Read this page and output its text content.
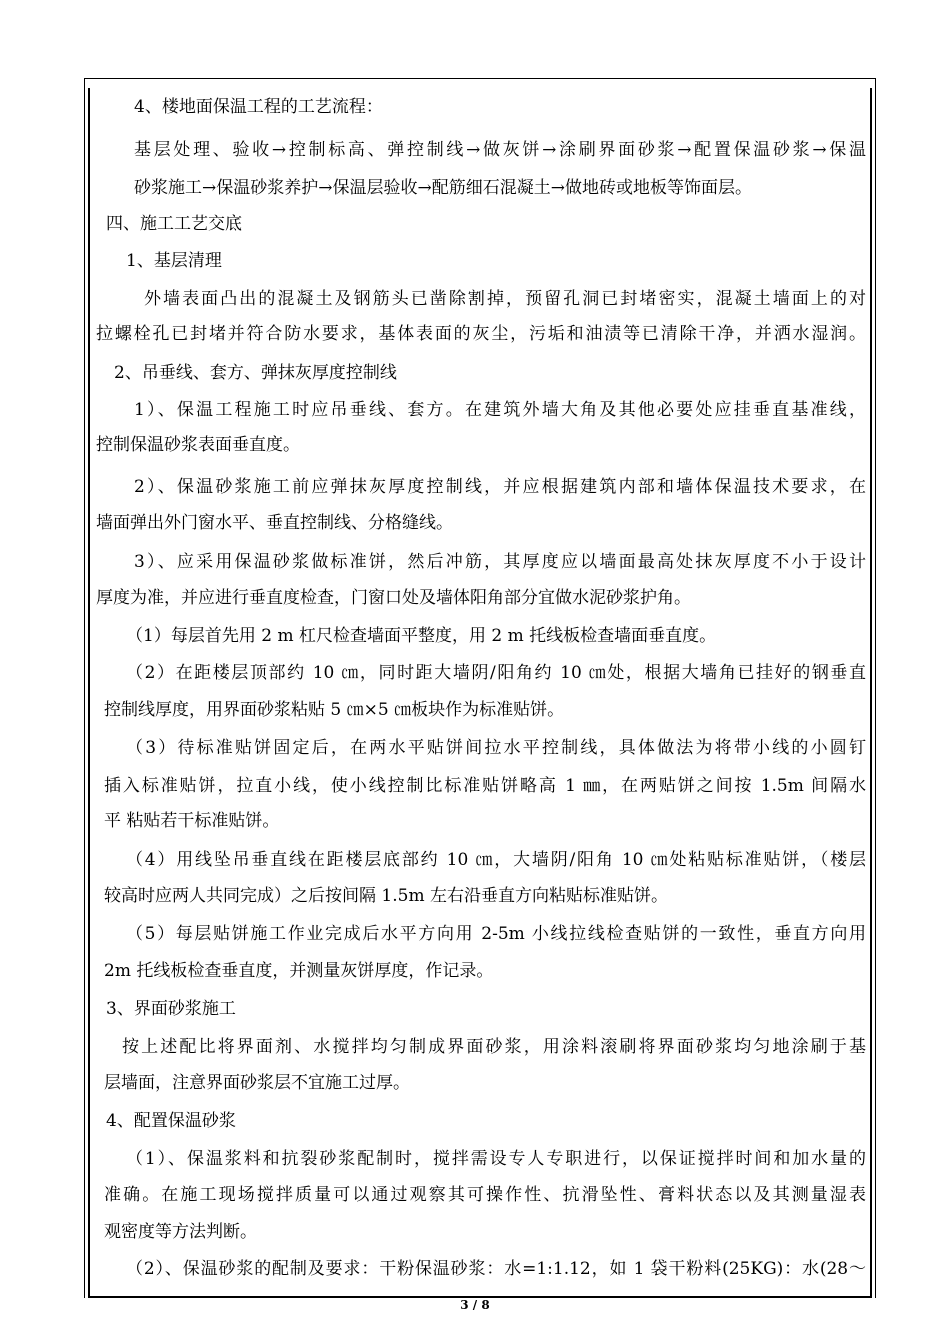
4、楼地面保温工程的工艺流程：
基层处理、验收→控制标高、弹控制线→做灰饼→涂刷界面砂浆→配置保温砂浆→保温
砂浆施工→保温砂浆养护→保温层验收→配筋细石混凝土→做地砖或地板等饰面层。
四、施工工艺交底
1、基层清理
外墙表面凸出的混凝土及钢筋头已凿除割掉，预留孔洞已封堵密实，混凝土墙面上的对
拉螺栓孔已封堵并符合防水要求，基体表面的灰尘，污垢和油渍等已清除干净，并洒水湿润。
2、吊垂线、套方、弹抹灰厚度控制线
1）、保温工程施工时应吊垂线、套方。在建筑外墙大角及其他必要处应挂垂直基准线，
控制保温砂浆表面垂直度。
2）、保温砂浆施工前应弹抹灰厚度控制线，并应根据建筑内部和墙体保温技术要求，在
墙面弹出外门窗水平、垂直控制线、分格缝线。
3）、应采用保温砂浆做标准饼，然后冲筋，其厚度应以墙面最高处抹灰厚度不小于设计
厚度为准，并应进行垂直度检查，门窗口处及墙体阳角部分宜做水泥砂浆护角。
（1）每层首先用 2 m 杠尺检查墙面平整度，用 2 m 托线板检查墙面垂直度。
（2）在距楼层顶部约 10 ㎝，同时距大墙阴/阳角约 10 ㎝处，根据大墙角已挂好的钢垂直
控制线厚度，用界面砂浆粘贴 5 ㎝×5 ㎝板块作为标准贴饼。
（3）待标准贴饼固定后，在两水平贴饼间拉水平控制线，具体做法为将带小线的小圆钉
插入标准贴饼，拉直小线，使小线控制比标准贴饼略高 1 ㎜，在两贴饼之间按 1.5m 间隔水
平 粘贴若干标准贴饼。
（4）用线坠吊垂直线在距楼层底部约 10 ㎝，大墙阴/阳角 10 ㎝处粘贴标准贴饼，（楼层
较高时应两人共同完成）之后按间隔 1.5m 左右沿垂直方向粘贴标准贴饼。
（5）每层贴饼施工作业完成后水平方向用 2-5m 小线拉线检查贴饼的一致性，垂直方向用
2m 托线板检查垂直度，并测量灰饼厚度，作记录。
3、界面砂浆施工
按上述配比将界面剂、水搅拌均匀制成界面砂浆，用涂料滚刷将界面砂浆均匀地涂刷于基
层墙面，注意界面砂浆层不宜施工过厚。
4、配置保温砂浆
（1）、保温浆料和抗裂砂浆配制时，搅拌需设专人专职进行，以保证搅拌时间和加水量的
准确。在施工现场搅拌质量可以通过观察其可操作性、抗滑坠性、膏料状态以及其测量湿表
观密度等方法判断。
（2）、保温砂浆的配制及要求：干粉保温砂浆：水=1:1.12，如 1 袋干粉料(25KG)：水(28～
3 / 8
